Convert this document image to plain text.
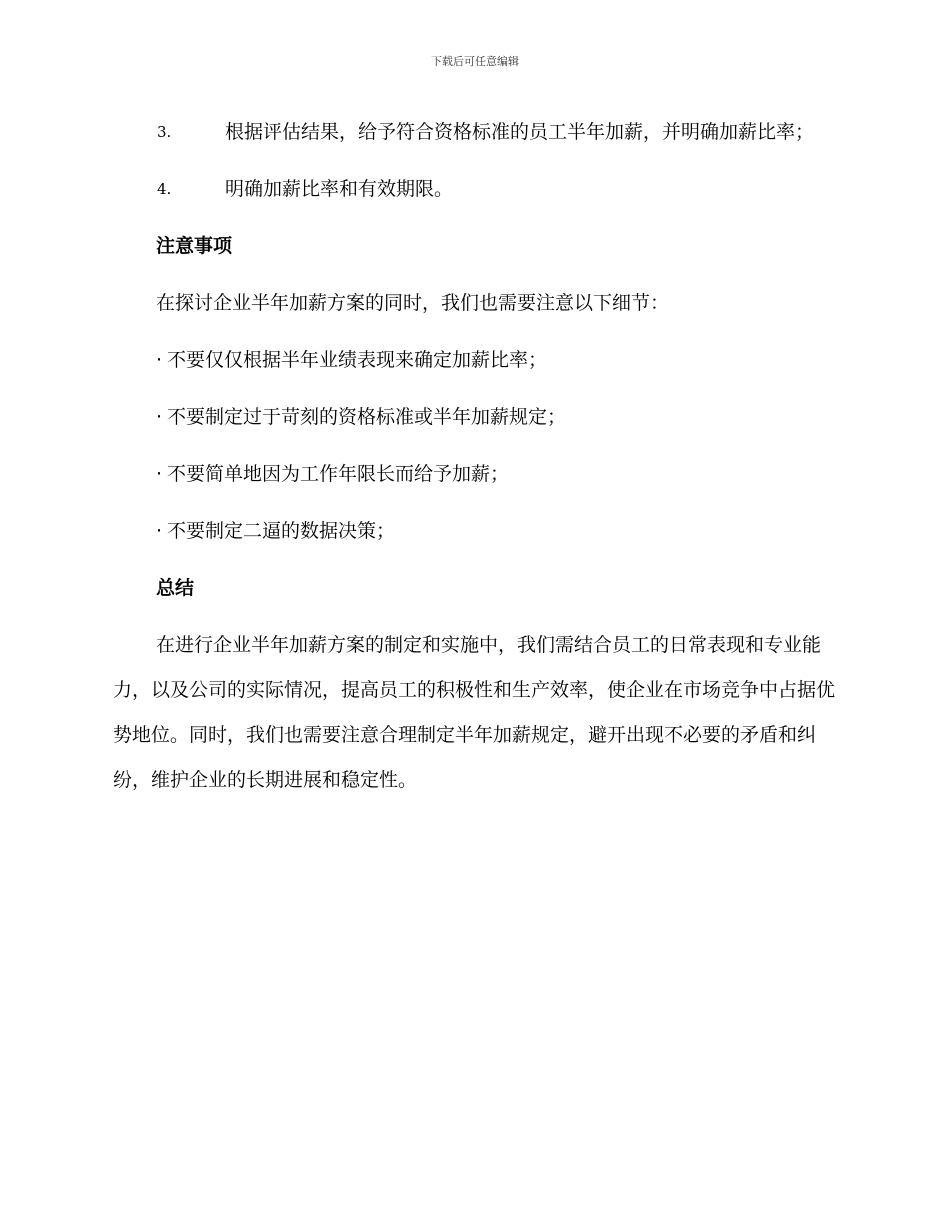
下载后可任意编辑
3.	根据评估结果，给予符合资格标准的员工半年加薪，并明确加薪比率；
4.	明确加薪比率和有效期限。
注意事项
在探讨企业半年加薪方案的同时，我们也需要注意以下细节：
· 不要仅仅根据半年业绩表现来确定加薪比率；
· 不要制定过于苛刻的资格标准或半年加薪规定；
· 不要简单地因为工作年限长而给予加薪；
· 不要制定二逼的数据决策；
总结
在进行企业半年加薪方案的制定和实施中，我们需结合员工的日常表现和专业能力，以及公司的实际情况，提高员工的积极性和生产效率，使企业在市场竞争中占据优势地位。同时，我们也需要注意合理制定半年加薪规定，避开出现不必要的矛盾和纠纷，维护企业的长期进展和稳定性。
